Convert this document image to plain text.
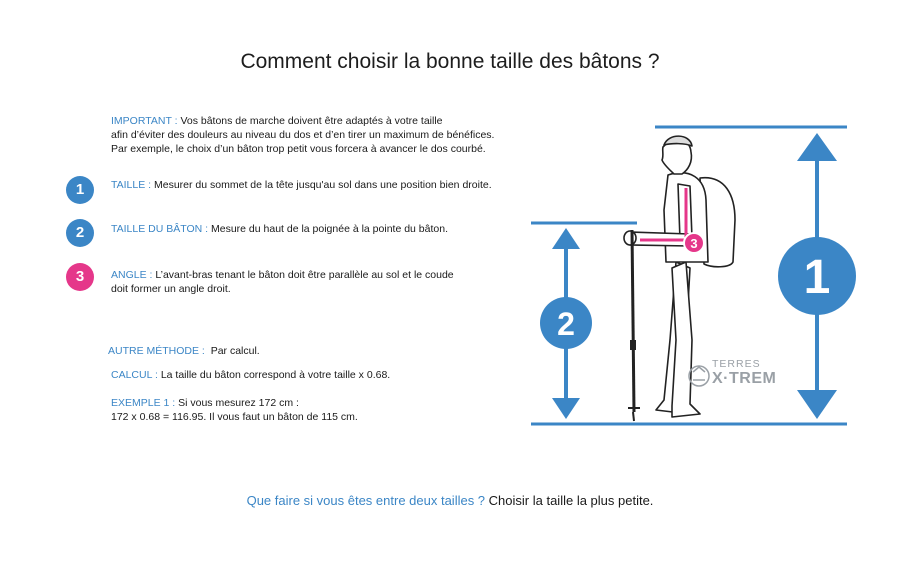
Comment choisir la bonne taille des bâtons ?
IMPORTANT : Vos bâtons de marche doivent être adaptés à votre taille
afin d’éviter des douleurs au niveau du dos et d’en tirer un maximum de bénéfices.
Par exemple, le choix d’un bâton trop petit vous forcera à avancer le dos courbé.
1	TAILLE : Mesurer du sommet de la tête jusqu'au sol dans une position bien droite.
2	TAILLE DU BÂTON : Mesure du haut de la poignée à la pointe du bâton.
3	ANGLE : L’avant-bras tenant le bâton doit être parallèle au sol et le coude
doit former un angle droit.
AUTRE MÉTHODE : Par calcul.
CALCUL : La taille du bâton correspond à votre taille x 0.68.
EXEMPLE 1 : Si vous mesurez 172 cm :
172 x 0.68 = 116.95. Il vous faut un bâton de 115 cm.
Que faire si vous êtes entre deux tailles ? Choisir la taille la plus petite.
1
2
3
TERRES
X·TREM
